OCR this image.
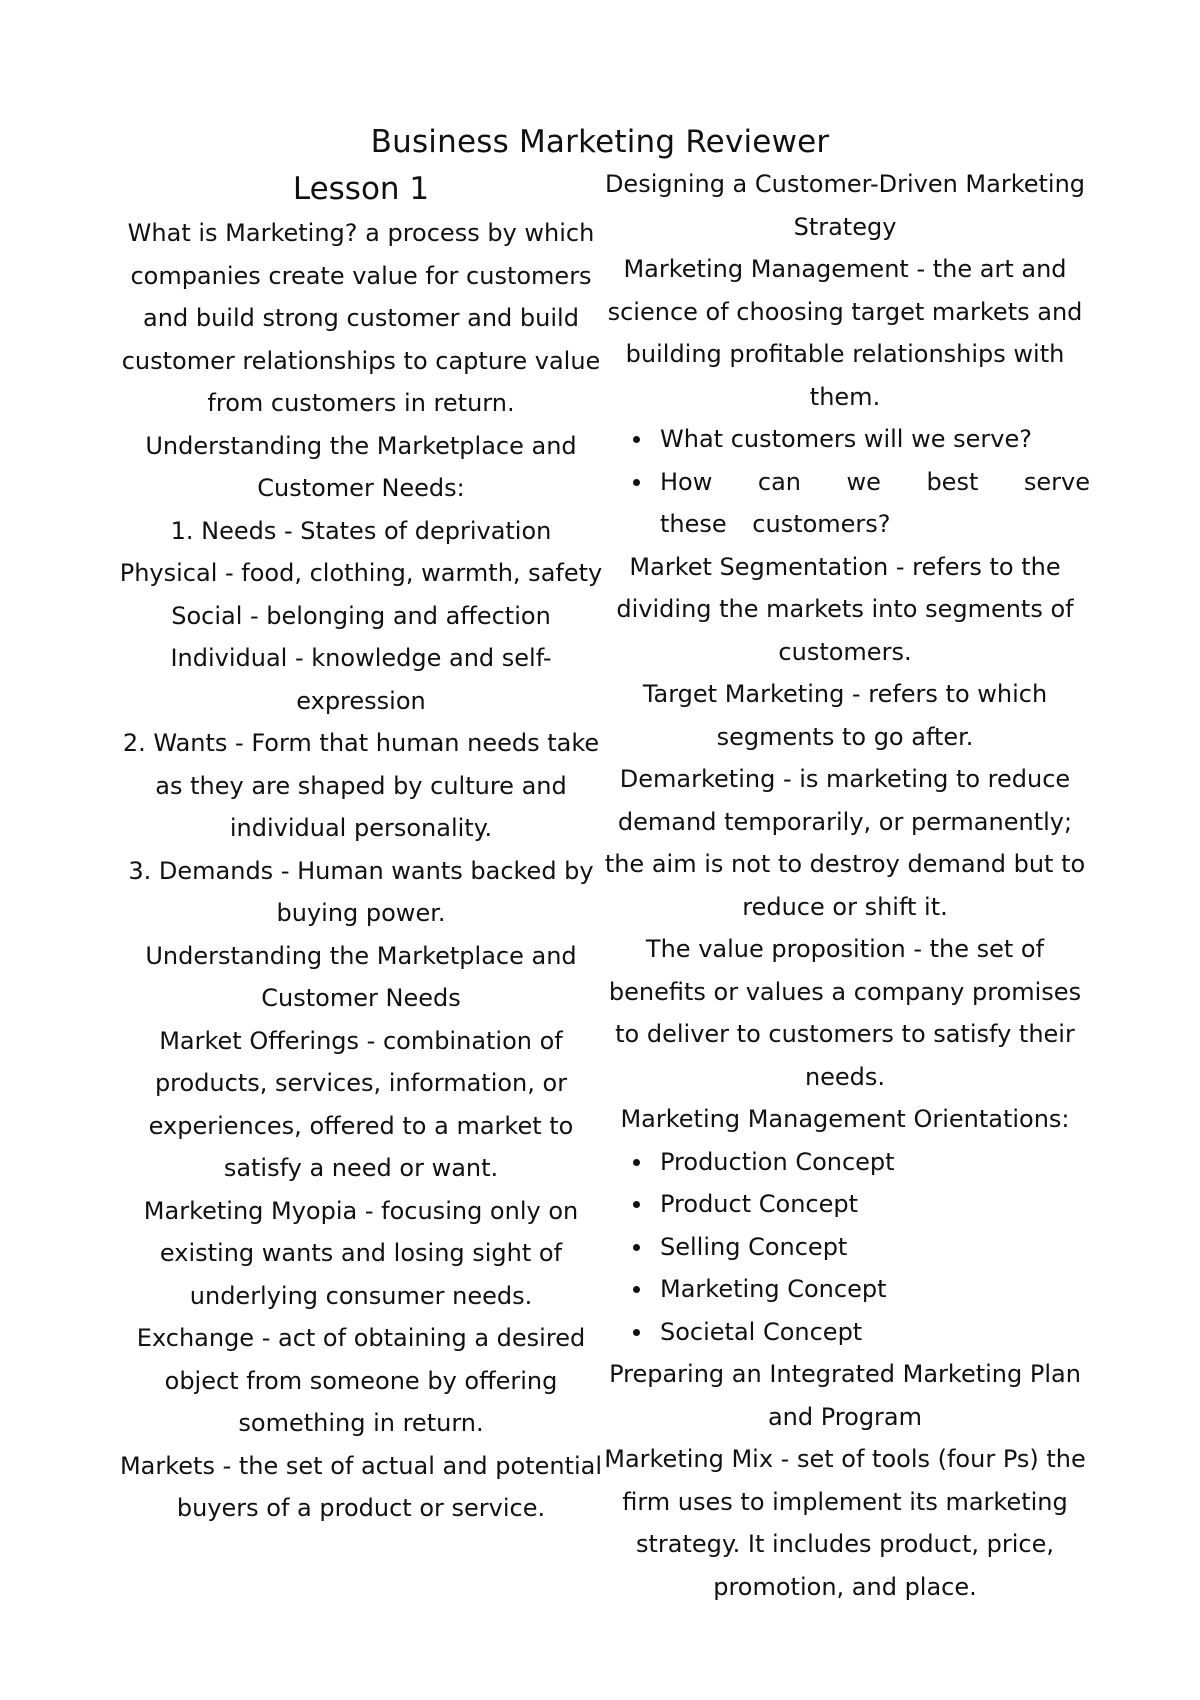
Business Marketing Reviewer
Lesson 1

What is Marketing? a process by which companies create value for customers and build strong customer and build customer relationships to capture value from customers in return.

Understanding the Marketplace and Customer Needs:

1. Needs - States of deprivation

Physical - food, clothing, warmth, safety

Social - belonging and affection

Individual - knowledge and self-expression

2. Wants - Form that human needs take as they are shaped by culture and individual personality.

3. Demands - Human wants backed by buying power.

Understanding the Marketplace and Customer Needs

Market Offerings - combination of products, services, information, or experiences, offered to a market to satisfy a need or want.

Marketing Myopia - focusing only on existing wants and losing sight of underlying consumer needs.

Exchange - act of obtaining a desired object from someone by offering something in return.

Markets - the set of actual and potential buyers of a product or service.

Designing a Customer-Driven Marketing Strategy

Marketing Management - the art and science of choosing target markets and building profitable relationships with them.

What customers will we serve?
How can we best serve these customers?

Market Segmentation - refers to the dividing the markets into segments of customers.

Target Marketing - refers to which segments to go after.

Demarketing - is marketing to reduce demand temporarily, or permanently; the aim is not to destroy demand but to reduce or shift it.

The value proposition - the set of benefits or values a company promises to deliver to customers to satisfy their needs.

Marketing Management Orientations:

Production Concept
Product Concept
Selling Concept
Marketing Concept
Societal Concept

Preparing an Integrated Marketing Plan and Program

Marketing Mix - set of tools (four Ps) the firm uses to implement its marketing strategy. It includes product, price, promotion, and place.
